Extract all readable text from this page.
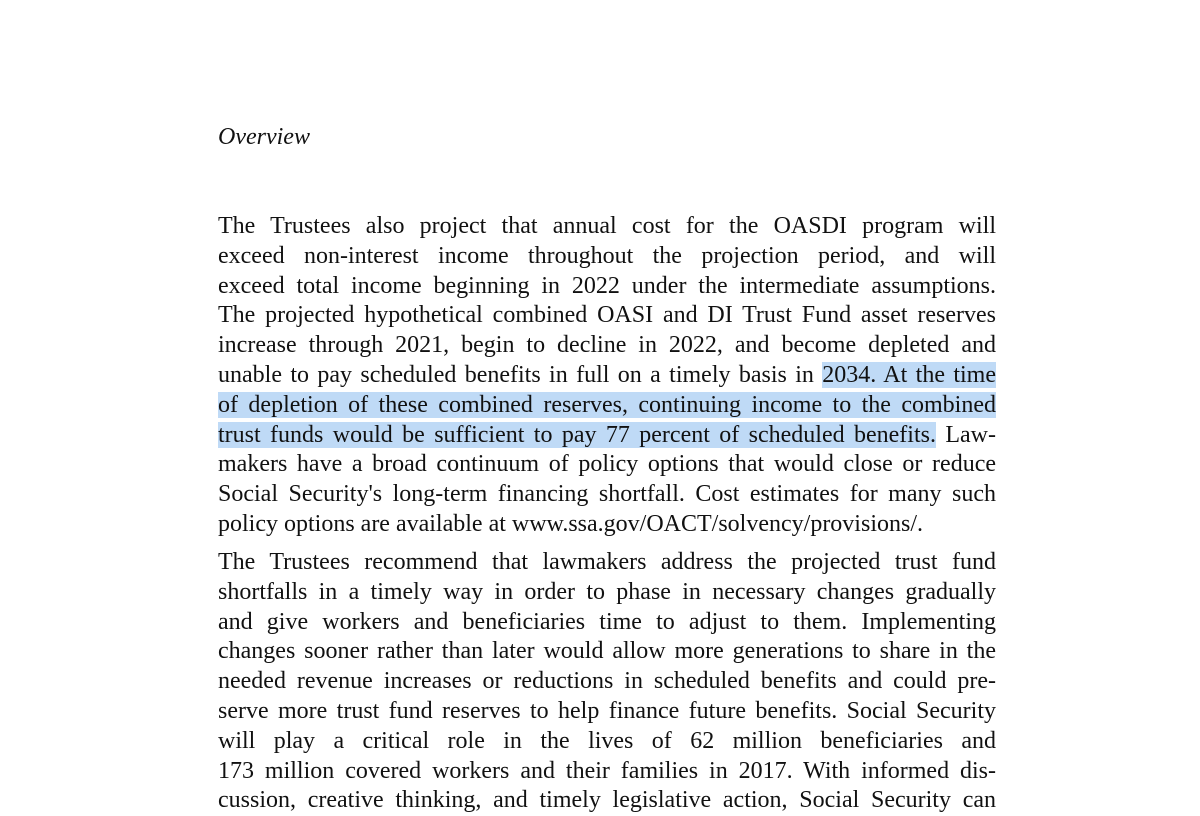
Overview
The Trustees also project that annual cost for the OASDI program will
exceed non-interest income throughout the projection period, and will
exceed total income beginning in 2022 under the intermediate assumptions.
The projected hypothetical combined OASI and DI Trust Fund asset reserves
increase through 2021, begin to decline in 2022, and become depleted and
unable to pay scheduled benefits in full on a timely basis in 2034. At the time
of depletion of these combined reserves, continuing income to the combined
trust funds would be sufficient to pay 77 percent of scheduled benefits. Law-
makers have a broad continuum of policy options that would close or reduce
Social Security's long-term financing shortfall. Cost estimates for many such
policy options are available at www.ssa.gov/OACT/solvency/provisions/.
The Trustees recommend that lawmakers address the projected trust fund
shortfalls in a timely way in order to phase in necessary changes gradually
and give workers and beneficiaries time to adjust to them. Implementing
changes sooner rather than later would allow more generations to share in the
needed revenue increases or reductions in scheduled benefits and could pre-
serve more trust fund reserves to help finance future benefits. Social Security
will play a critical role in the lives of 62 million beneficiaries and
173 million covered workers and their families in 2017. With informed dis-
cussion, creative thinking, and timely legislative action, Social Security can
